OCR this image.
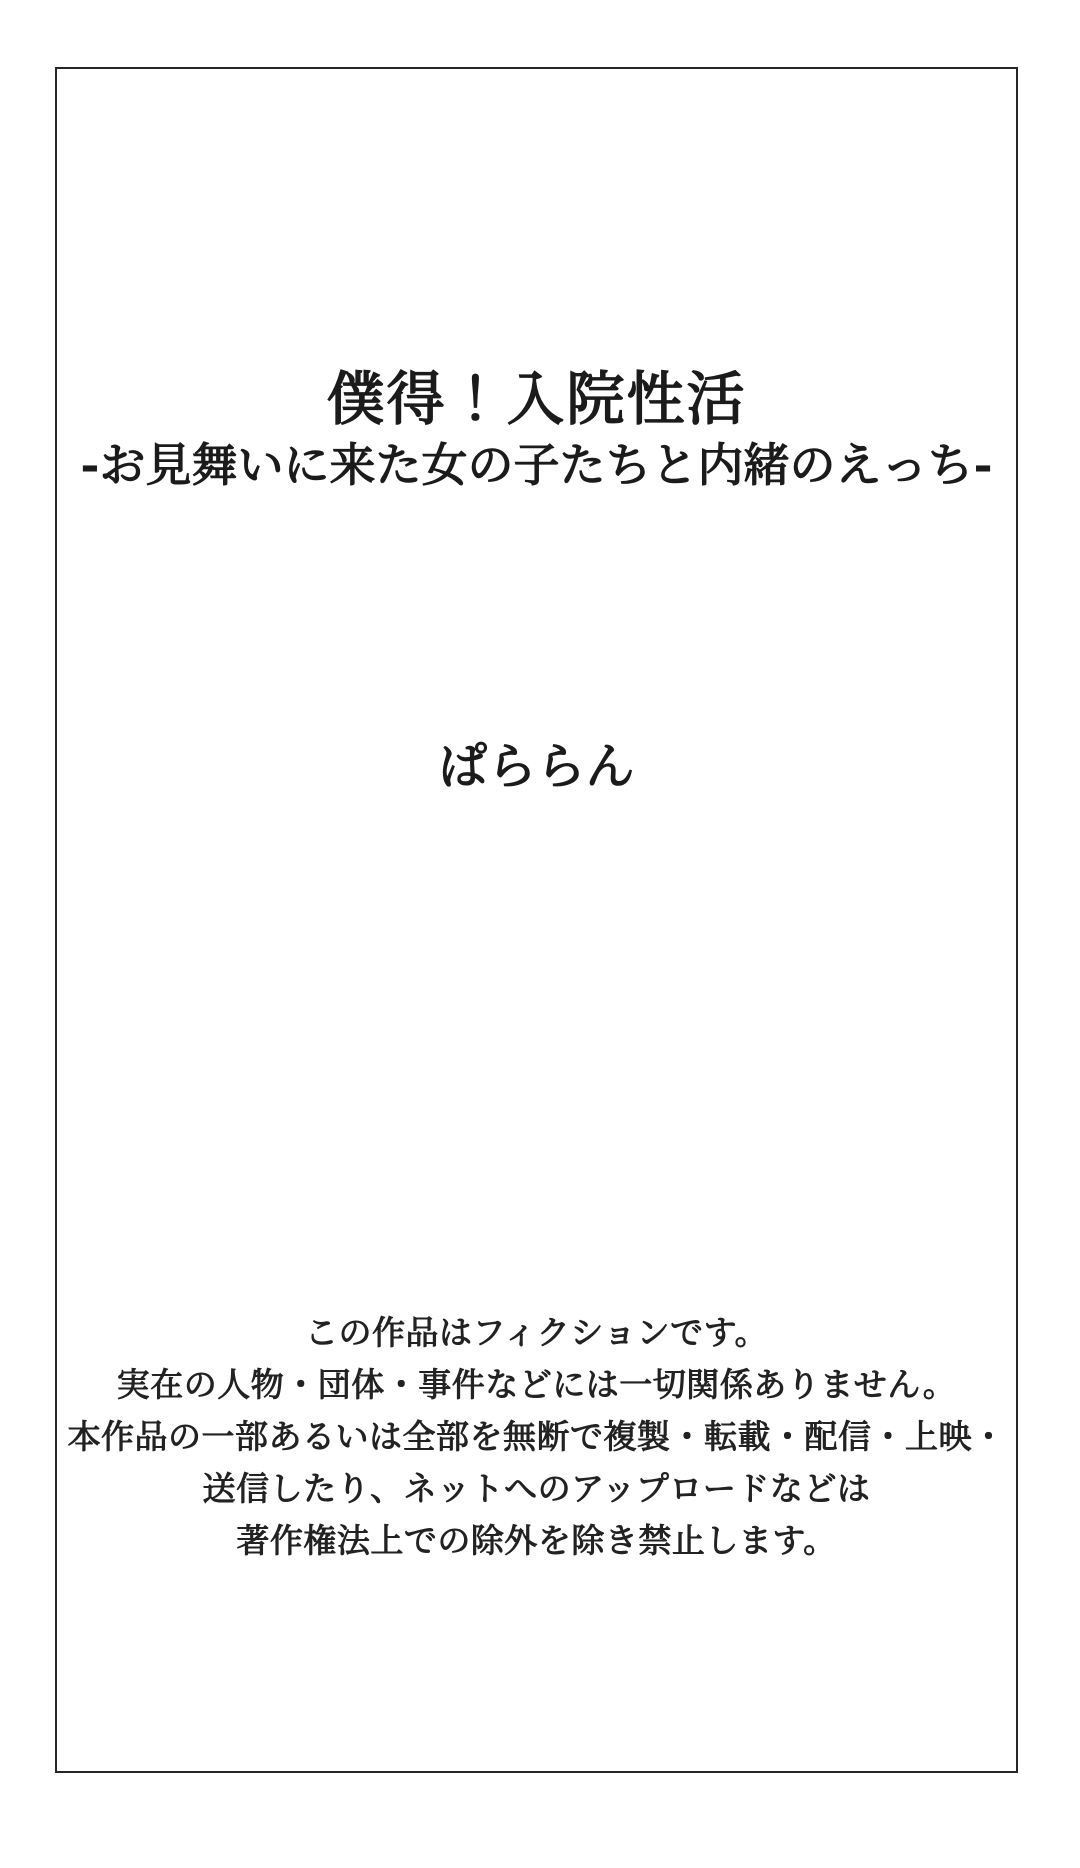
僕得！入院性活
-お見舞いに来た女の子たちと内緒のえっち-
ぱららん
この作品はフィクションです。
実在の人物・団体・事件などには一切関係ありません。
本作品の一部あるいは全部を無断で複製・転載・配信・上映・
送信したり、ネットへのアップロードなどは
著作権法上での除外を除き禁止します。
